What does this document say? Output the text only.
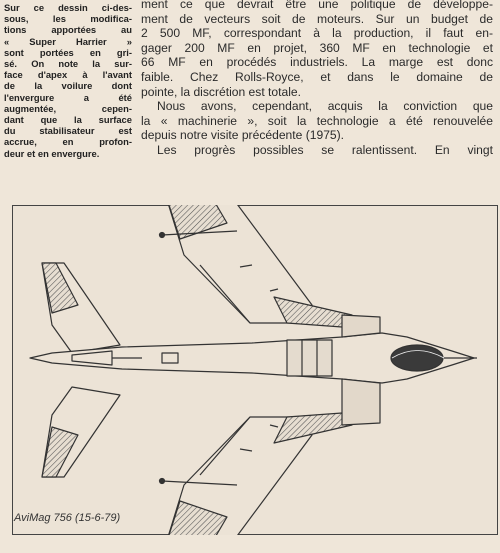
Sur ce dessin ci-des-
sous, les modifica-
tions apportées au
« Super Harrier »
sont portées en gri-
sé. On note la sur-
face d'apex à l'avant
de la voilure dont
l'envergure a été
augmentée, cepen-
dant que la surface
du stabilisateur est
accrue, en profon-
deur et en envergure.
ment ce que devrait être une politique de développe-
ment de vecteurs soit de moteurs. Sur un budget de
2 500 MF, correspondant à la production, il faut en-
gager 200 MF en projet, 360 MF en technologie et
66 MF en procédés industriels. La marge est donc
faible. Chez Rolls-Royce, et dans le domaine de
pointe, la discrétion est totale.
Nous avons, cependant, acquis la conviction que
la « machinerie », soit la technologie a été renouvelée
depuis notre visite précédente (1975).
Les progrès possibles se ralentissent. En vingt
AviMag 756 (15-6-79)
